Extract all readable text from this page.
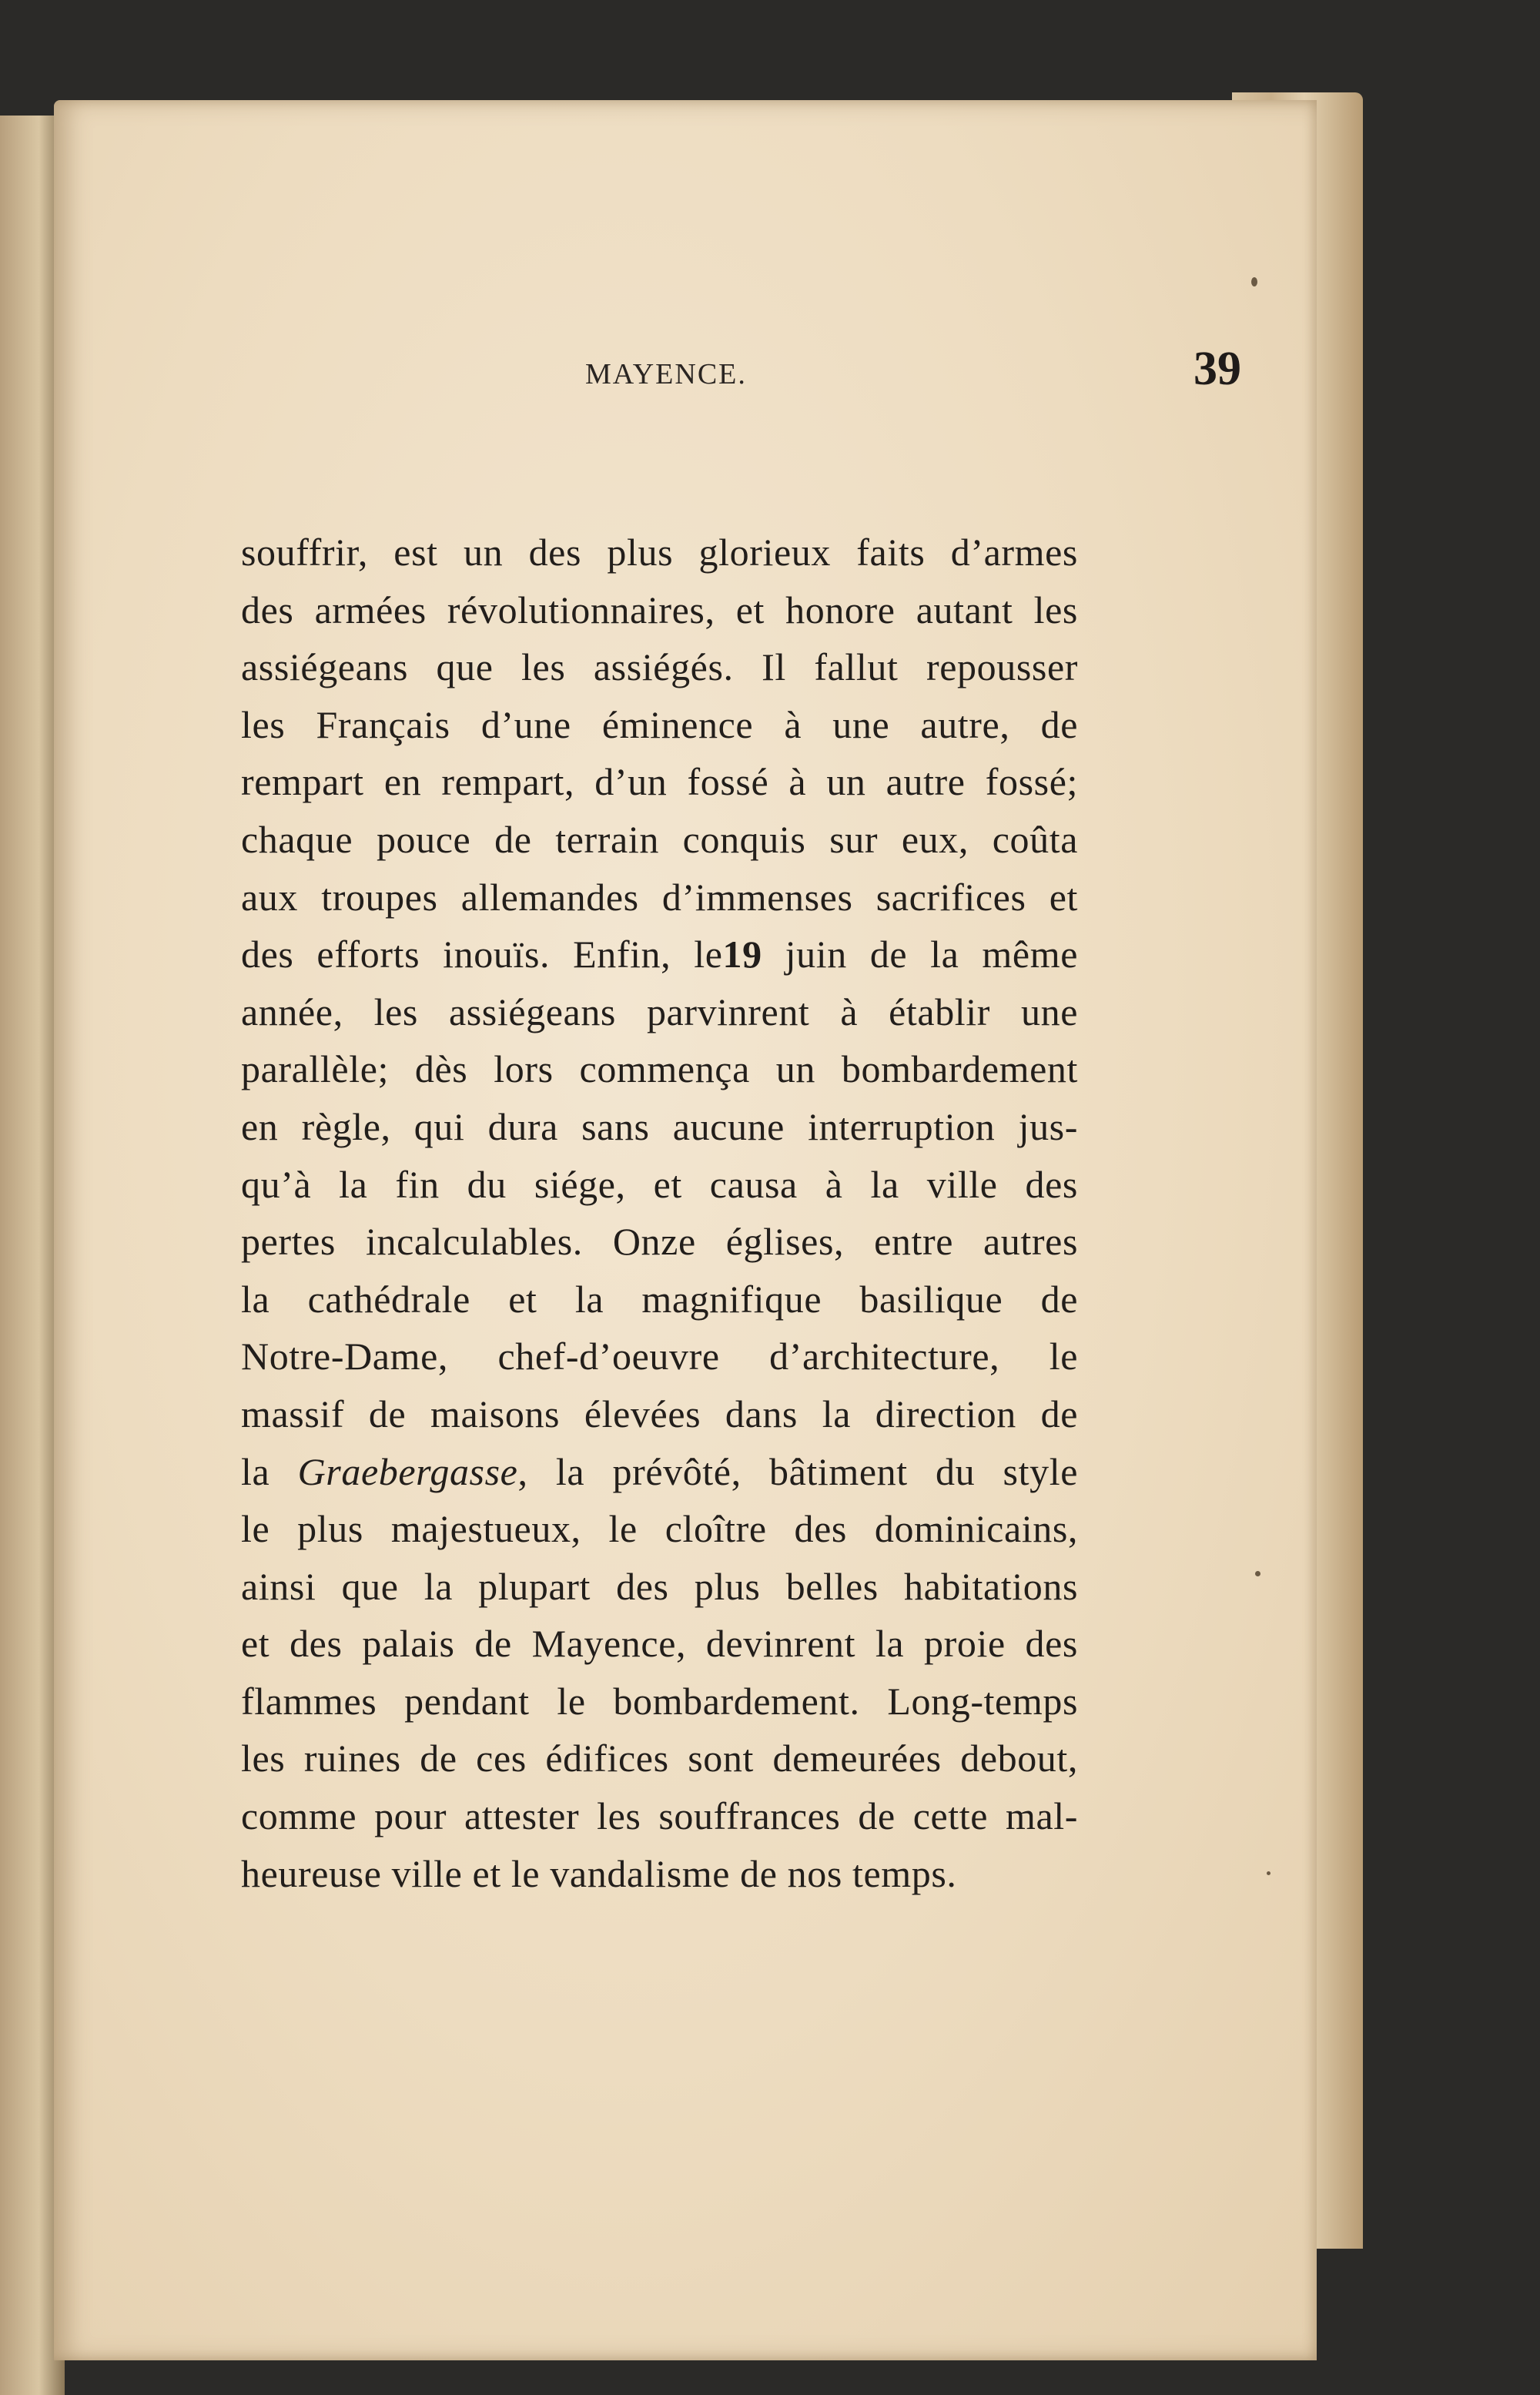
MAYENCE.	39
souffrir, est un des plus glorieux faits d’armes
des armées révolutionnaires, et honore autant les
assiégeans que les assiégés. Il fallut repousser
les Français d’une éminence à une autre, de
rempart en rempart, d’un fossé à un autre fossé;
chaque pouce de terrain conquis sur eux, coûta
aux troupes allemandes d’immenses sacrifices et
des efforts inouïs. Enfin, le19 juin de la même
année, les assiégeans parvinrent à établir une
parallèle; dès lors commença un bombardement
en règle, qui dura sans aucune interruption jus-
qu’à la fin du siége, et causa à la ville des
pertes incalculables. Onze églises, entre autres
la cathédrale et la magnifique basilique de
Notre-Dame, chef-d’oeuvre d’architecture, le
massif de maisons élevées dans la direction de
la Graebergasse, la prévôté, bâtiment du style
le plus majestueux, le cloître des dominicains,
ainsi que la plupart des plus belles habitations
et des palais de Mayence, devinrent la proie des
flammes pendant le bombardement. Long-temps
les ruines de ces édifices sont demeurées debout,
comme pour attester les souffrances de cette mal-
heureuse ville et le vandalisme de nos temps.
